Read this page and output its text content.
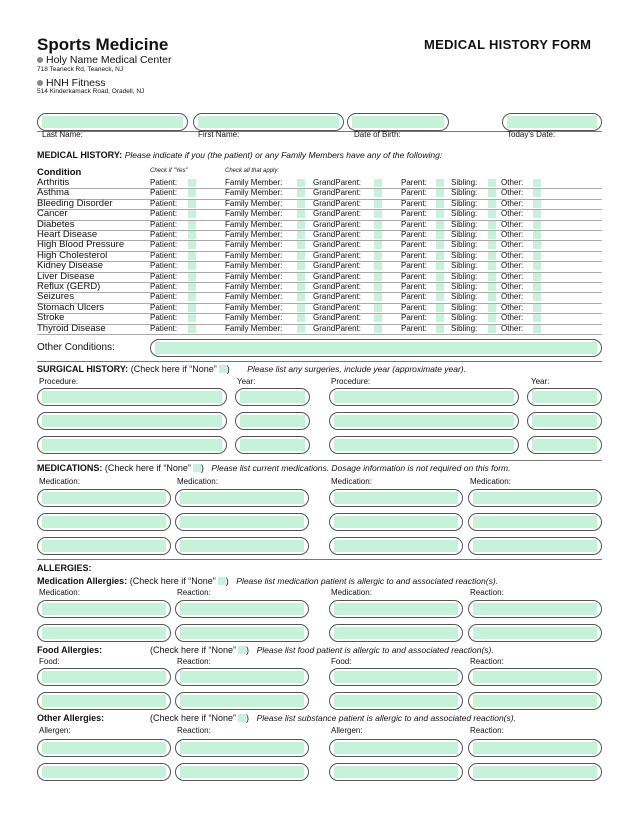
Sports Medicine	MEDICAL HISTORY FORM
Holy Name Medical Center
718 Teaneck Rd, Teaneck, NJ
HNH Fitness
514 Kinderkamack Road, Oradell, NJ
Last Name:	First Name:	Date of Birth:	Today's Date:
MEDICAL HISTORY: Please indicate if you (the patient) or any Family Members have any of the following:
Condition	Check if "Yes"	Check all that apply:
Arthritis	Patient:	Family Member:	GrandParent:	Parent:	Sibling:	Other:
Asthma	Patient:	Family Member:	GrandParent:	Parent:	Sibling:	Other:
Bleeding Disorder	Patient:	Family Member:	GrandParent:	Parent:	Sibling:	Other:
Cancer	Patient:	Family Member:	GrandParent:	Parent:	Sibling:	Other:
Diabetes	Patient:	Family Member:	GrandParent:	Parent:	Sibling:	Other:
Heart Disease	Patient:	Family Member:	GrandParent:	Parent:	Sibling:	Other:
High Blood Pressure	Patient:	Family Member:	GrandParent:	Parent:	Sibling:	Other:
High Cholesterol	Patient:	Family Member:	GrandParent:	Parent:	Sibling:	Other:
Kidney Disease	Patient:	Family Member:	GrandParent:	Parent:	Sibling:	Other:
Liver Disease	Patient:	Family Member:	GrandParent:	Parent:	Sibling:	Other:
Reflux (GERD)	Patient:	Family Member:	GrandParent:	Parent:	Sibling:	Other:
Seizures	Patient:	Family Member:	GrandParent:	Parent:	Sibling:	Other:
Stomach Ulcers	Patient:	Family Member:	GrandParent:	Parent:	Sibling:	Other:
Stroke	Patient:	Family Member:	GrandParent:	Parent:	Sibling:	Other:
Thyroid Disease	Patient:	Family Member:	GrandParent:	Parent:	Sibling:	Other:
Other Conditions:
SURGICAL HISTORY: (Check here if “None” ) Please list any surgeries, include year (approximate year).
Procedure:	Year:	Procedure:	Year:
MEDICATIONS: (Check here if “None” ) Please list current medications. Dosage information is not required on this form.
Medication:	Medication:	Medication:	Medication:
ALLERGIES:
Medication Allergies: (Check here if “None” ) Please list medication patient is allergic to and associated reaction(s).
Medication:	Reaction:	Medication:	Reaction:
Food Allergies:	(Check here if “None” ) Please list food patient is allergic to and associated reaction(s).
Food:	Reaction:	Food:	Reaction:
Other Allergies:	(Check here if “None” ) Please list substance patient is allergic to and associated reaction(s).
Allergen:	Reaction:	Allergen:	Reaction:
